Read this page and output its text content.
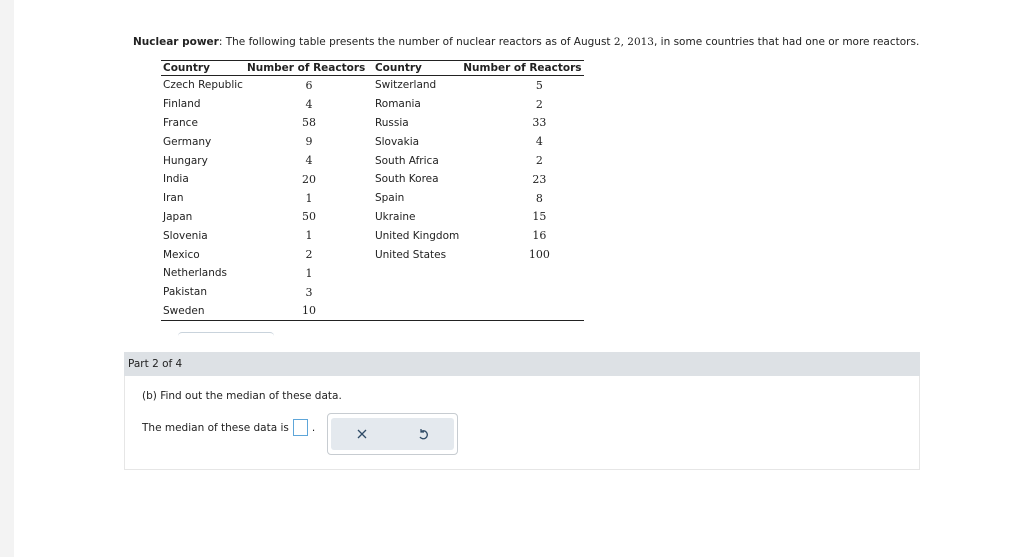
Nuclear power: The following table presents the number of nuclear reactors as of August 2, 2013, in some countries that had one or more reactors.
Country	Number of Reactors	Country	Number of Reactors
Czech Republic	6	Switzerland	5
Finland	4	Romania	2
France	58	Russia	33
Germany	9	Slovakia	4
Hungary	4	South Africa	2
India	20	South Korea	23
Iran	1	Spain	8
Japan	50	Ukraine	15
Slovenia	1	United Kingdom	16
Mexico	2	United States	100
Netherlands	1		
Pakistan	3		
Sweden	10		
Part 2 of 4
(b) Find out the median of these data.
The median of these data is .
